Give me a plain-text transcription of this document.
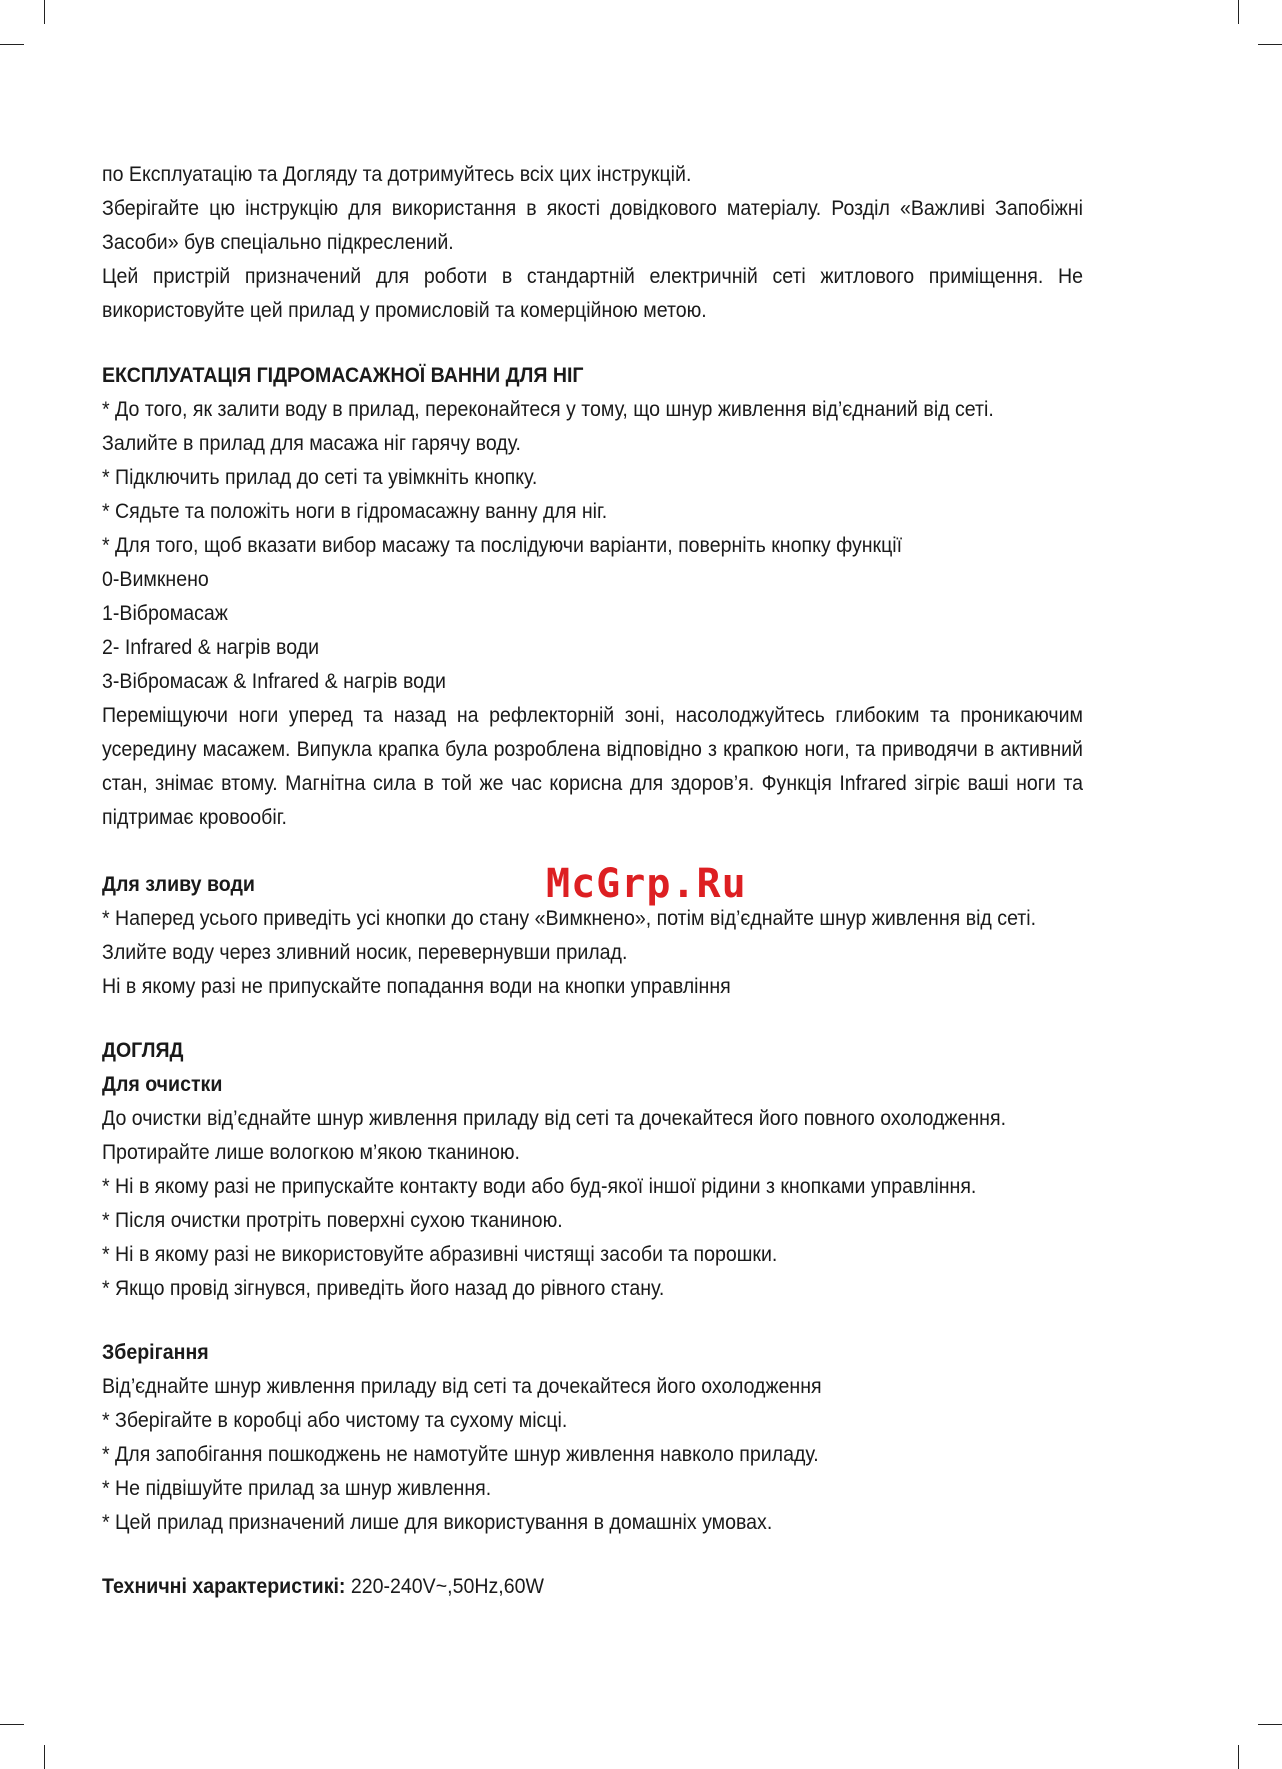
McGrp.Ru

по Експлуатацію та Догляду та дотримуйтесь всіх цих інструкцій.

Зберігайте цю інструкцію для використання в якості довідкового матеріалу. Розділ «Важливі Запобіжні Засоби» був спеціально підкреслений.

Цей пристрій призначений для роботи в стандартній електричній сеті житлового приміщення. Не використовуйте цей прилад у промисловій та комерційною метою.

ЕКСПЛУАТАЦІЯ ГІДРОМАСАЖНОЇ ВАННИ ДЛЯ НІГ

* До того, як залити воду в прилад, переконайтеся у тому, що шнур живлення від’єднаний від сеті.

Залийте в прилад для масажа ніг гарячу воду.

* Підключить прилад до сеті та увімкніть кнопку.

* Сядьте та положіть ноги в гідромасажну ванну для ніг.

* Для того, щоб вказати вибор масажу та послідуючи варіанти, поверніть кнопку функції

0-Вимкнено

1-Вібромасаж

2- Infrared & нагрів води

3-Вібромасаж & Infrared & нагрів води

Переміщуючи ноги уперед та назад на рефлекторній зоні, насолоджуйтесь глибоким та проникаючим усередину масажем. Випукла крапка була розроблена відповідно з крапкою ноги, та приводячи в активний стан, знімає втому. Магнітна сила в той же час корисна для здоров’я. Функція Infrared зігріє ваші ноги та підтримає кровообіг.

Для зливу води

* Наперед усього приведіть усі кнопки до стану «Вимкнено», потім від’єднайте шнур живлення від сеті.

Злийте воду через зливний носик, перевернувши прилад.

Ні в якому разі не припускайте попадання води на кнопки управління

ДОГЛЯД

Для очистки

До очистки від’єднайте шнур живлення приладу від сеті та дочекайтеся його повного охолодження.

Протирайте лише вологкою м’якою тканиною.

* Ні в якому разі не припускайте контакту води або буд-якої іншої рідини з кнопками управління.

* Після очистки протріть поверхні сухою тканиною.

* Ні в якому разі не використовуйте абразивні чистящі засоби та порошки.

* Якщо провід зігнувся, приведіть його назад до рівного стану.

Зберігання

Від’єднайте шнур живлення приладу від сеті та дочекайтеся його охолодження

* Зберігайте в коробці або чистому та сухому місці.

* Для запобігання пошкоджень не намотуйте шнур живлення навколо приладу.

* Не підвішуйте прилад за шнур живлення.

* Цей прилад призначений лише для використування в домашніх умовах.

Техничні характеристикі: 220-240V~,50Hz,60W
